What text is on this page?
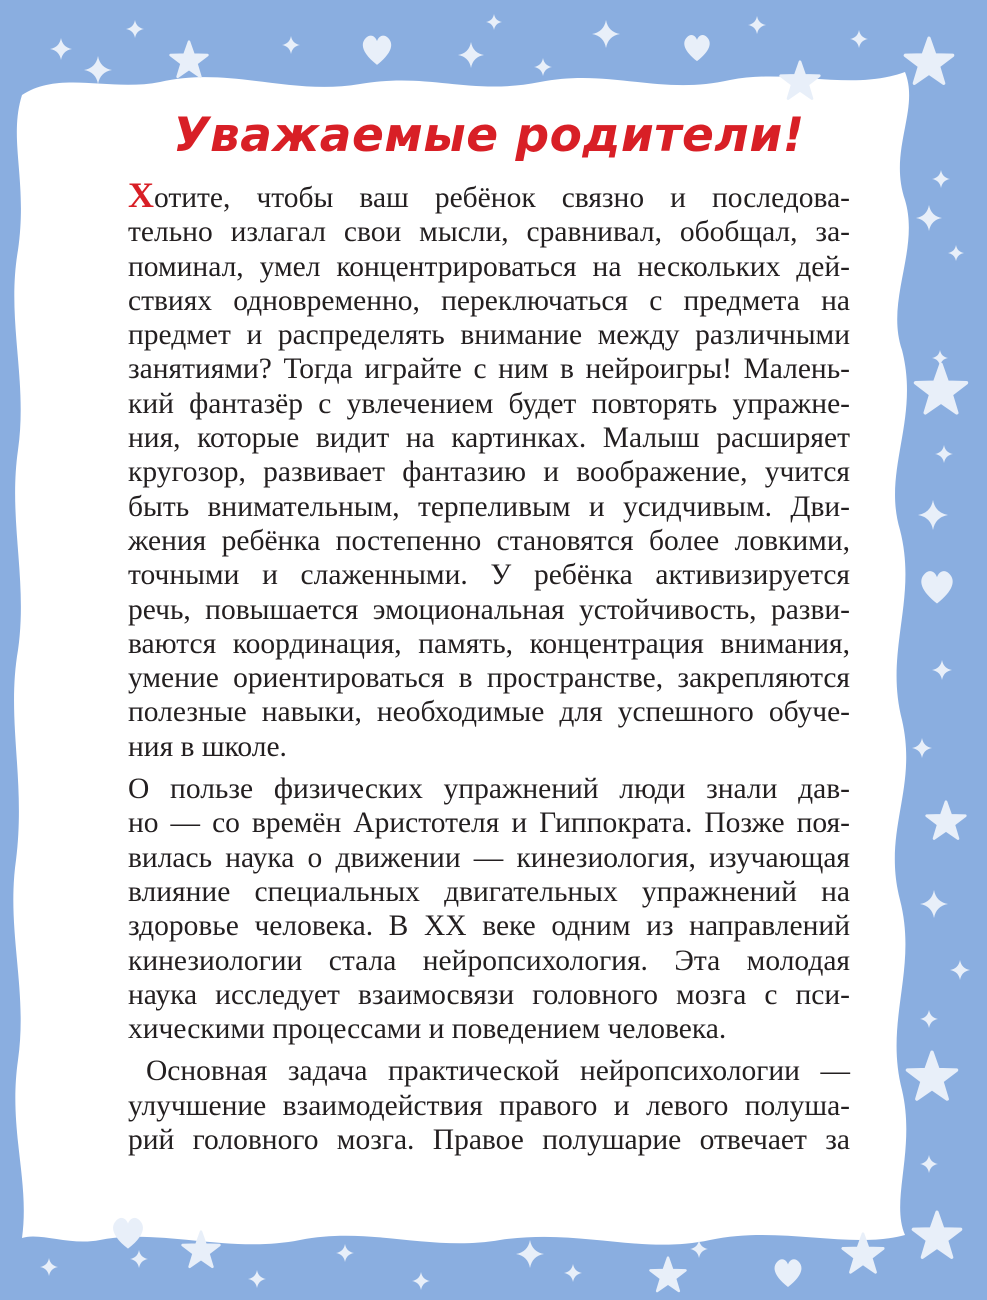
Уважаемые родители!

Хотите, чтобы ваш ребёнок связно и последова-
тельно излагал свои мысли, сравнивал, обобщал, за-
поминал, умел концентрироваться на нескольких дей-
ствиях одновременно, переключаться с предмета на
предмет и распределять внимание между различными
занятиями? Тогда играйте с ним в нейроигры! Малень-
кий фантазёр с увлечением будет повторять упражне-
ния, которые видит на картинках. Малыш расширяет
кругозор, развивает фантазию и воображение, учится
быть внимательным, терпеливым и усидчивым. Дви-
жения ребёнка постепенно становятся более ловкими,
точными и слаженными. У ребёнка активизируется
речь, повышается эмоциональная устойчивость, разви-
ваются координация, память, концентрация внимания,
умение ориентироваться в пространстве, закрепляются
полезные навыки, необходимые для успешного обуче-
ния в школе.

О пользе физических упражнений люди знали дав-
но — со времён Аристотеля и Гиппократа. Позже поя-
вилась наука о движении — кинезиология, изучающая
влияние специальных двигательных упражнений на
здоровье человека. В XX веке одним из направлений
кинезиологии стала нейропсихология. Эта молодая
наука исследует взаимосвязи головного мозга с пси-
хическими процессами и поведением человека.

Основная задача практической нейропсихологии —
улучшение взаимодействия правого и левого полуша-
рий головного мозга. Правое полушарие отвечает за
